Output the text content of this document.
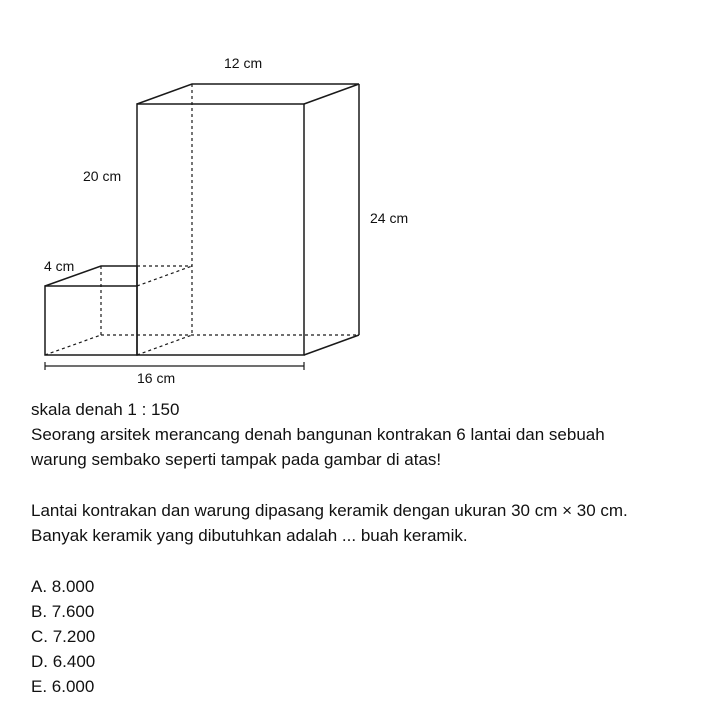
12 cm
20 cm
24 cm
4 cm
16 cm
skala denah 1 : 150
Seorang arsitek merancang denah bangunan kontrakan 6 lantai dan sebuah
warung sembako seperti tampak pada gambar di atas!
Lantai kontrakan dan warung dipasang keramik dengan ukuran 30 cm × 30 cm.
Banyak keramik yang dibutuhkan adalah ... buah keramik.
A. 8.000
B. 7.600
C. 7.200
D. 6.400
E. 6.000
